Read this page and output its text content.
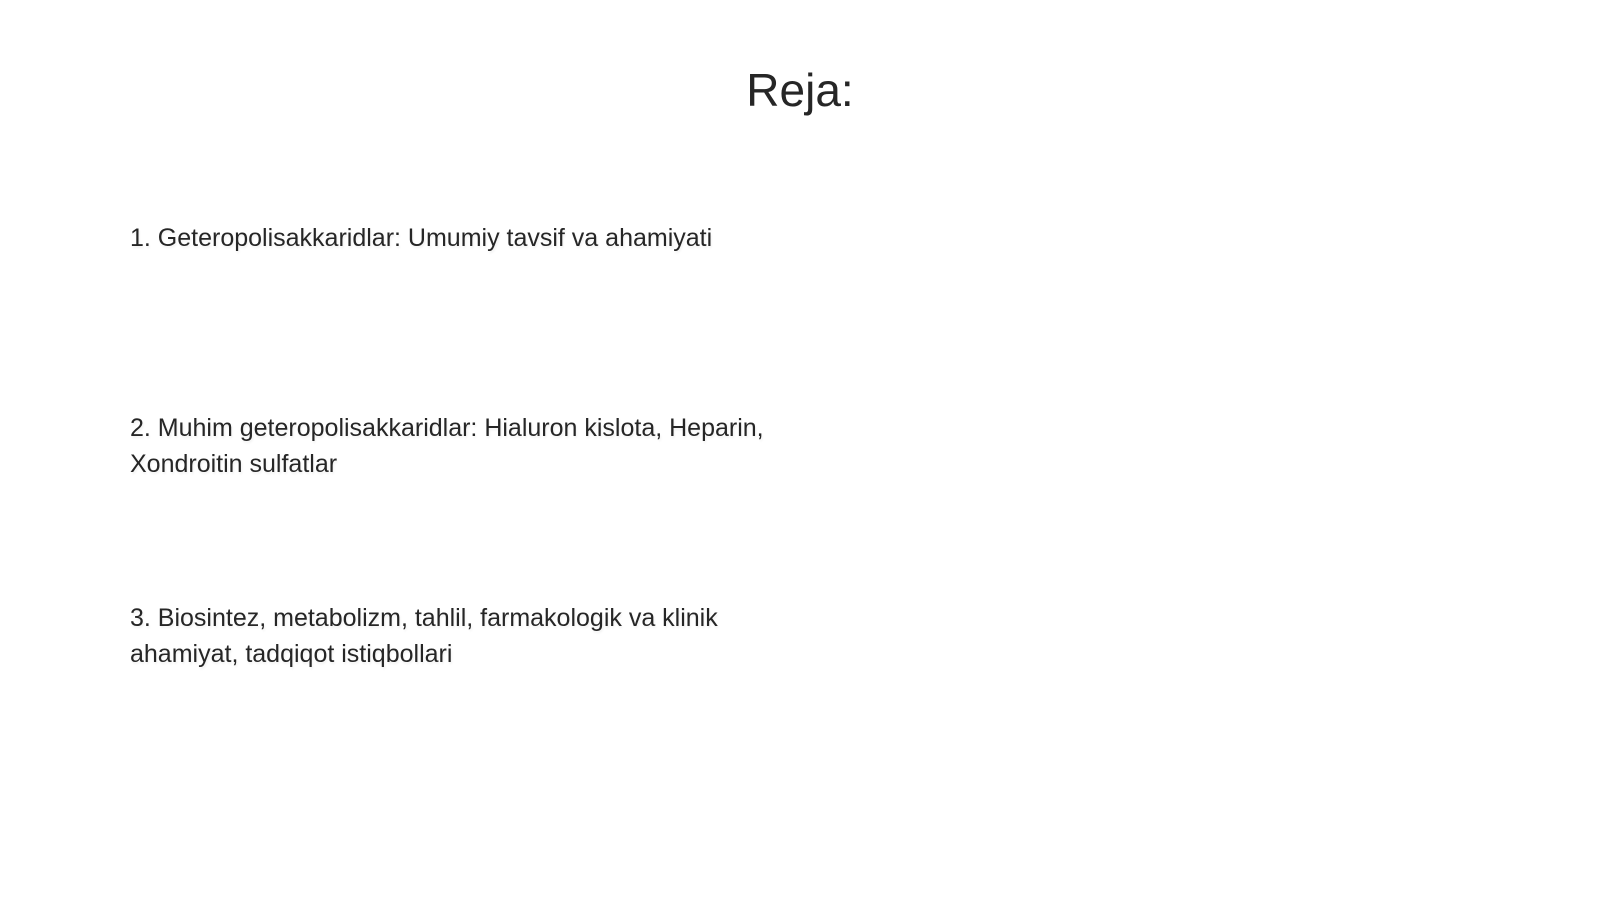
Reja:
1. Geteropolisakkaridlar: Umumiy tavsif va ahamiyati
2. Muhim geteropolisakkaridlar: Hialuron kislota, Heparin, Xondroitin sulfatlar
3. Biosintez, metabolizm, tahlil, farmakologik va klinik ahamiyat, tadqiqot istiqbollari
